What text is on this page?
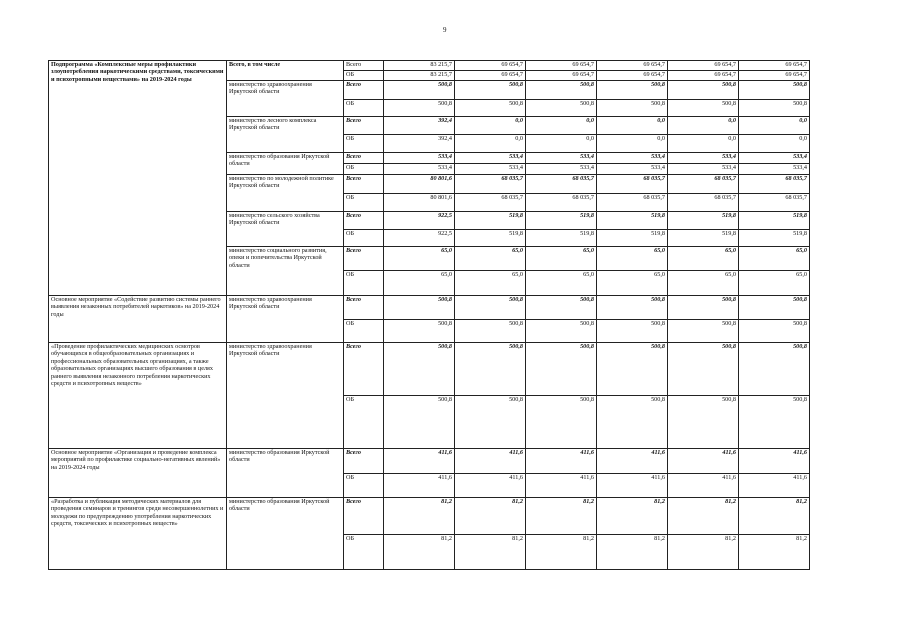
9
Подпрограмма «Комплексные меры профилактики злоупотребления наркотическими средствами, токсическими и психотропными веществами» на 2019-2024 годы	Всего, в том числе	Всего	83 215,7	69 654,7	69 654,7	69 654,7	69 654,7	69 654,7
		ОБ	83 215,7	69 654,7	69 654,7	69 654,7	69 654,7	69 654,7
	министерство здравоохранения Иркутской области	Всего	500,8	500,8	500,8	500,8	500,8	500,8
		ОБ	500,8	500,8	500,8	500,8	500,8	500,8
	министерство лесного комплекса Иркутской области	Всего	392,4	0,0	0,0	0,0	0,0	0,0
		ОБ	392,4	0,0	0,0	0,0	0,0	0,0
	министерство образования Иркутской области	Всего	533,4	533,4	533,4	533,4	533,4	533,4
		ОБ	533,4	533,4	533,4	533,4	533,4	533,4
	министерство по молодежной политике Иркутской области	Всего	80 801,6	68 035,7	68 035,7	68 035,7	68 035,7	68 035,7
		ОБ	80 801,6	68 035,7	68 035,7	68 035,7	68 035,7	68 035,7
	министерство сельского хозяйства Иркутской области	Всего	922,5	519,8	519,8	519,8	519,8	519,8
		ОБ	922,5	519,8	519,8	519,8	519,8	519,8
	министерство социального развития, опеки и попечительства Иркутской области	Всего	65,0	65,0	65,0	65,0	65,0	65,0
		ОБ	65,0	65,0	65,0	65,0	65,0	65,0
Основное мероприятие «Содействие развитию системы раннего выявления незаконных потребителей наркотиков» на 2019-2024 годы	министерство здравоохранения Иркутской области	Всего	500,8	500,8	500,8	500,8	500,8	500,8
		ОБ	500,8	500,8	500,8	500,8	500,8	500,8
«Проведение профилактических медицинских осмотров обучающихся в общеобразовательных организациях и профессиональных образовательных организациях, а также образовательных организациях высшего образования в целях раннего выявления незаконного потребления наркотических средств и психотропных веществ»	министерство здравоохранения Иркутской области	Всего	500,8	500,8	500,8	500,8	500,8	500,8
		ОБ	500,8	500,8	500,8	500,8	500,8	500,8
Основное мероприятие «Организация и проведение комплекса мероприятий по профилактике социально-негативных явлений» на 2019-2024 годы	министерство образования Иркутской области	Всего	411,6	411,6	411,6	411,6	411,6	411,6
		ОБ	411,6	411,6	411,6	411,6	411,6	411,6
«Разработка и публикация методических материалов для проведения семинаров и тренингов среди несовершеннолетних и молодежи по предупреждению употребления наркотических средств, токсических и психотропных веществ»	министерство образования Иркутской области	Всего	81,2	81,2	81,2	81,2	81,2	81,2
		ОБ	81,2	81,2	81,2	81,2	81,2	81,2
